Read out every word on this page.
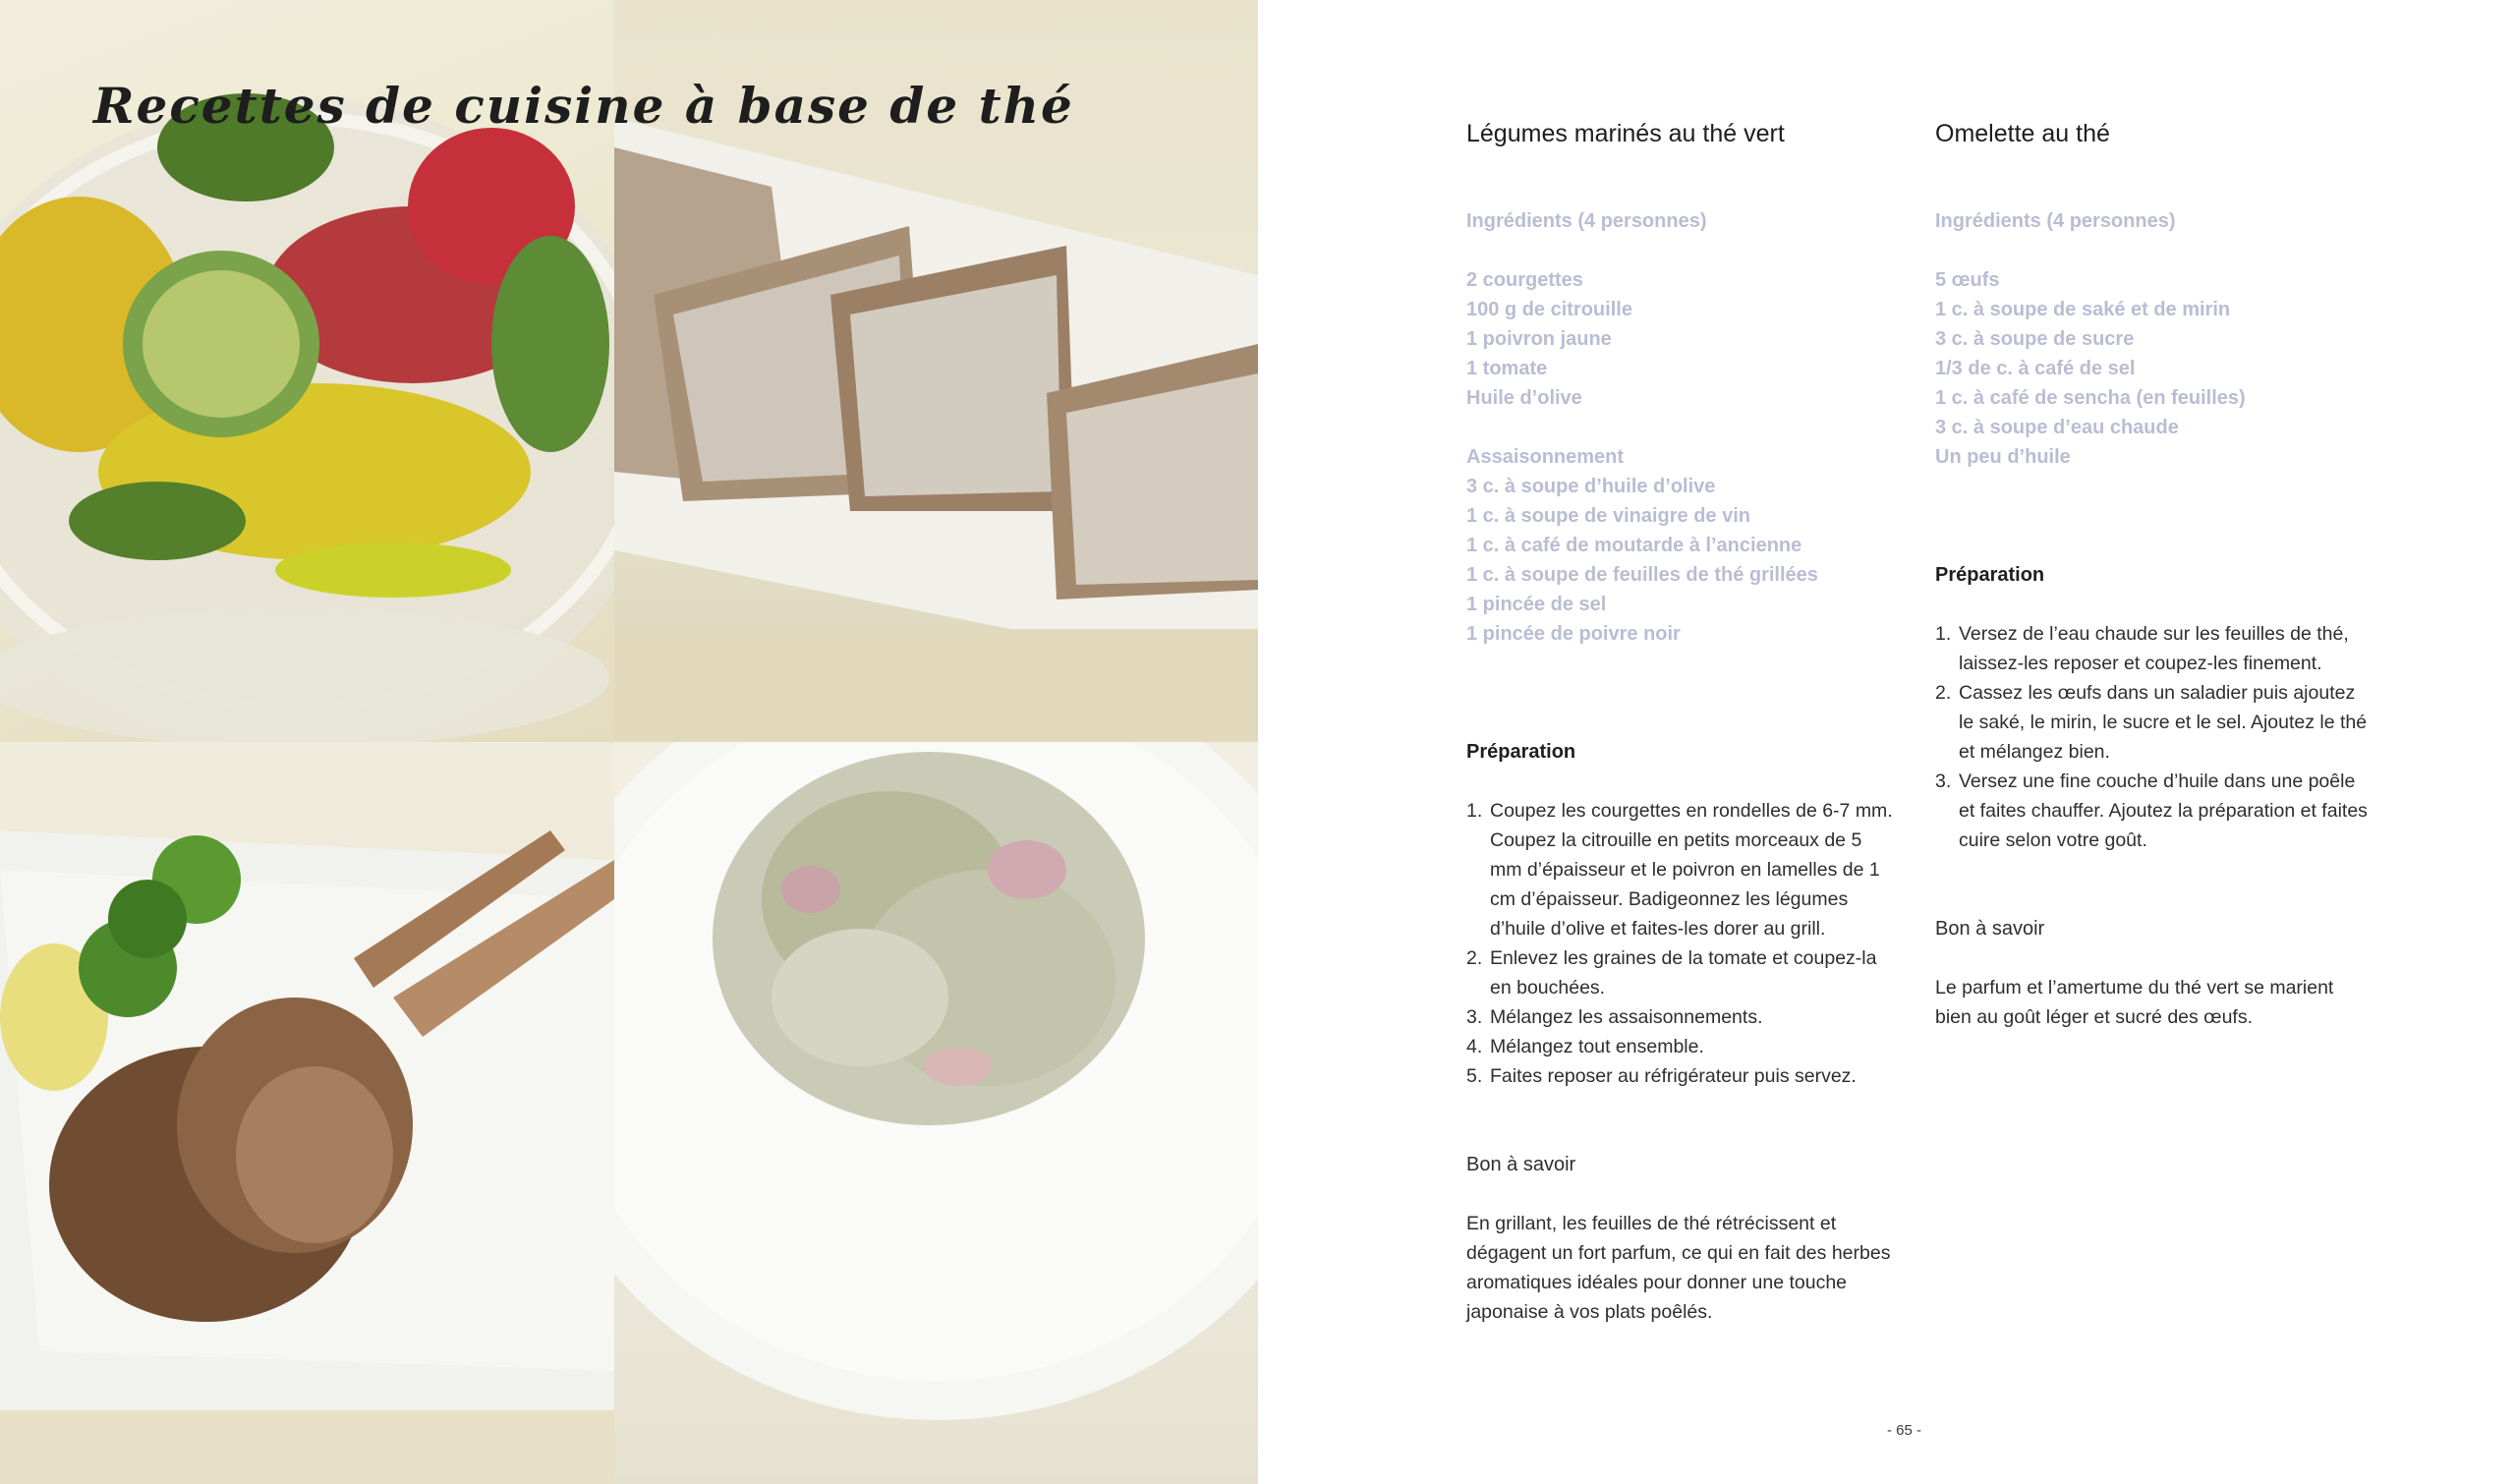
Recettes de cuisine à base de thé	Légumes marinés au thé vert
Ingrédients (4 personnes)
2 courgettes
100 g de citrouille
1 poivron jaune
1 tomate
Huile d’olive
Assaisonnement
3 c. à soupe d’huile d’olive
1 c. à soupe de vinaigre de vin
1 c. à café de moutarde à l’ancienne
1 c. à soupe de feuilles de thé grillées
1 pincée de sel
1 pincée de poivre noir
Préparation
1. Coupez les courgettes en rondelles de 6-7 mm. Coupez la citrouille en petits morceaux de 5 mm d’épaisseur et le poivron en lamelles de 1 cm d’épaisseur. Badigeonnez les légumes d’huile d’olive et faites-les dorer au grill.
2. Enlevez les graines de la tomate et coupez-la en bouchées.
3. Mélangez les assaisonnements.
4. Mélangez tout ensemble.
5. Faites reposer au réfrigérateur puis servez.
Bon à savoir

En grillant, les feuilles de thé rétrécissent et dégagent un fort parfum, ce qui en fait des herbes aromatiques idéales pour donner une touche japonaise à vos plats poêlés.

Omelette au thé
Ingrédients (4 personnes)
5 œufs
1 c. à soupe de saké et de mirin
3 c. à soupe de sucre
1/3 de c. à café de sel
1 c. à café de sencha (en feuilles)
3 c. à soupe d’eau chaude
Un peu d’huile
Préparation
1. Versez de l’eau chaude sur les feuilles de thé, laissez-les reposer et coupez-les finement.
2. Cassez les œufs dans un saladier puis ajoutez le saké, le mirin, le sucre et le sel. Ajoutez le thé et mélangez bien.
3. Versez une fine couche d’huile dans une poêle et faites chauffer. Ajoutez la préparation et faites cuire selon votre goût.
Bon à savoir

Le parfum et l’amertume du thé vert se marient bien au goût léger et sucré des œufs.

- 65 -
